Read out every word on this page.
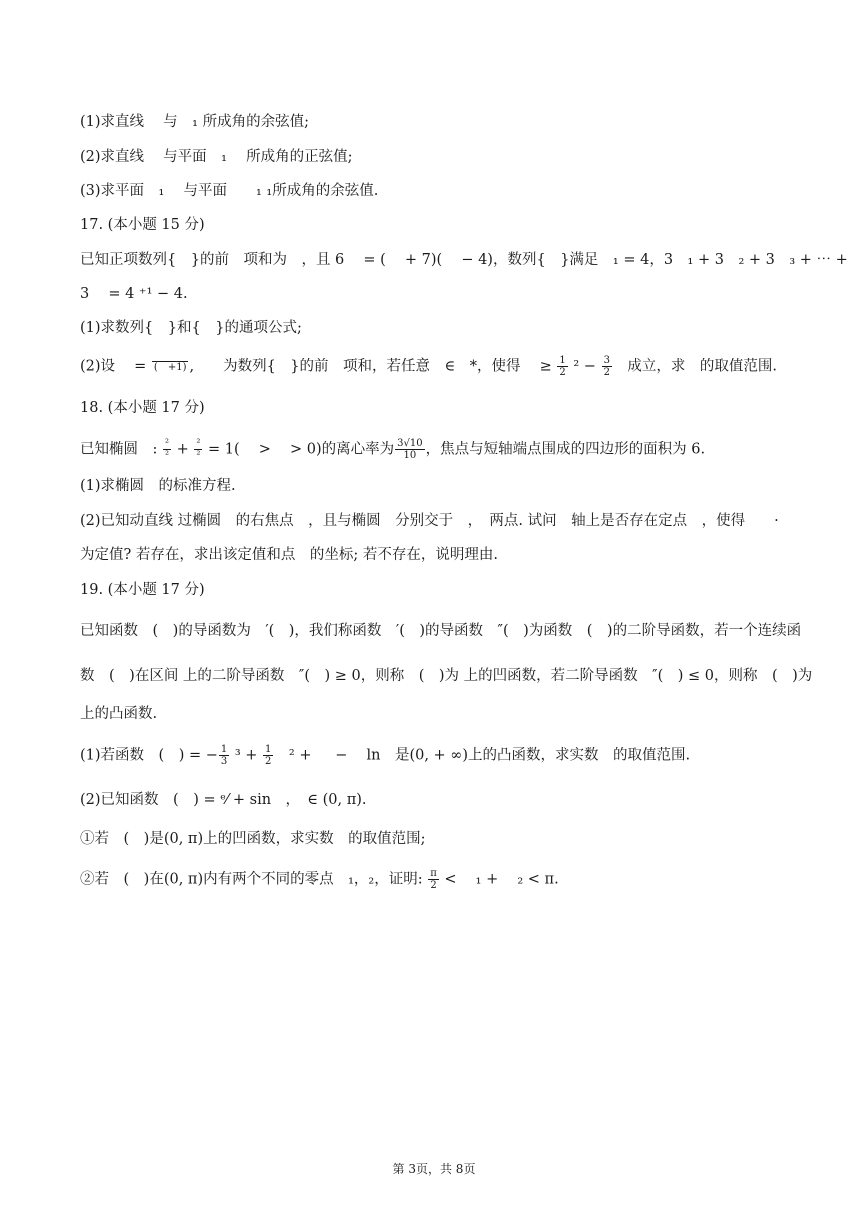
(1)求直线　 与　₁ 所成角的余弦值;
(2)求直线　 与平面　₁　 所成角的正弦值;
(3)求平面　₁　 与平面　　₁ ₁所成角的余弦值.
17. (本小题 15 分)
已知正项数列{　}的前　项和为　，且 6　 = (　 + 7)(　 − 4)，数列{　}满足　₁ = 4，3　₁ + 3　₂ + 3　₃ + ⋯ +
3　 = 4 ⁺¹ − 4.
(1)求数列{　}和{　}的通项公式;
(2)设　 = (　+1) ,　　为数列{　}的前　项和，若任意　∈　*，使得　 ≥ $\frac{1}{2} ^2 - \frac{3}{2}$ 　成立，求　的取值范围.
18. (本小题 17 分)
已知椭圆　: $\frac{\text{²}}{\text{²}} + \frac{\text{²}}{\text{²}} = 1$(　 > 　> 0)的离心率为 $\frac{3√10}{10}$ ，焦点与短轴端点围成的四边形的面积为 6.
(1)求椭圆　的标准方程.
(2)已知动直线 过椭圆　的右焦点　，且与椭圆　分别交于　，　两点. 试问　轴上是否存在定点　，使得　　·
为定值? 若存在，求出该定值和点　的坐标; 若不存在，说明理由.
19. (本小题 17 分)
已知函数　(　)的导函数为　′(　)，我们称函数　′(　)的导函数　″(　)为函数　(　)的二阶导函数，若一个连续函
数　(　)在区间 上的二阶导函数　″(　) ≥ 0，则称　(　)为 上的凹函数，若二阶导函数　″(　) ≤ 0，则称　(　)为
上的凸函数.
(1)若函数　(　) = − $\frac{1}{3} ^3 + \frac{1}{2}$ 　² + 　 − 　ln　是(0, + ∞)上的凸函数，求实数　的取值范围.
(2)已知函数　(　) = ᵉ⁄ + sin　，　∈ (0, π).
①若　(　)是(0, π)上的凹函数，求实数　的取值范围;
②若　(　)在(0, π)内有两个不同的零点　₁，₂，证明: $\frac{\pi}{2}$ < 　₁ + 　₂ < π.
第 3页，共 8页
